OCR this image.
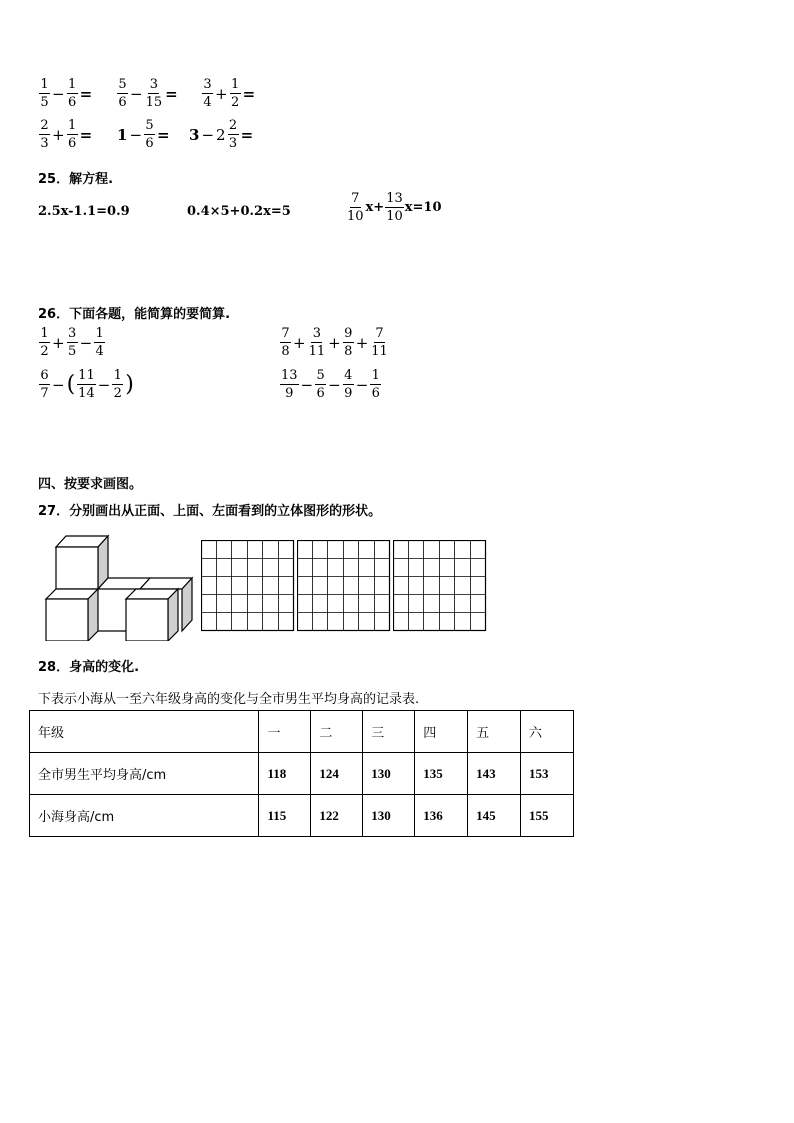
$\frac{1}{5} - \frac{1}{6} = \frac{5}{6} - \frac{3}{15} = \frac{3}{4} + \frac{1}{2}$ =
$\frac{2}{3} + \frac{1}{6} = 1 - \frac{5}{6} = 3 - 2 \frac{2}{3}$ =
25．解方程.
2.5x-1.1=0.9	0.4×5+0.2x=5	$\frac{7}{10} x+ \frac{13}{10} x=10$
26．下面各题，能简算的要简算.
$\frac{1}{2} + \frac{3}{5} - \frac{1}{4}$	$\frac{7}{8} + \frac{3}{11} + \frac{9}{8} + \frac{7}{11}$
$\frac{6}{7}$ − ( $\frac{11}{14} - \frac{1}{2}$ )	$\frac{13}{9} - \frac{5}{6} - \frac{4}{9} - \frac{1}{6}$
四、按要求画图。
27．分别画出从正面、上面、左面看到的立体图形的形状。
28．身高的变化.
下表示小海从一至六年级身高的变化与全市男生平均身高的记录表.
年级	一	二	三	四	五	六
全市男生平均身高/cm	118	124	130	135	143	153
小海身高/cm	115	122	130	136	145	155
